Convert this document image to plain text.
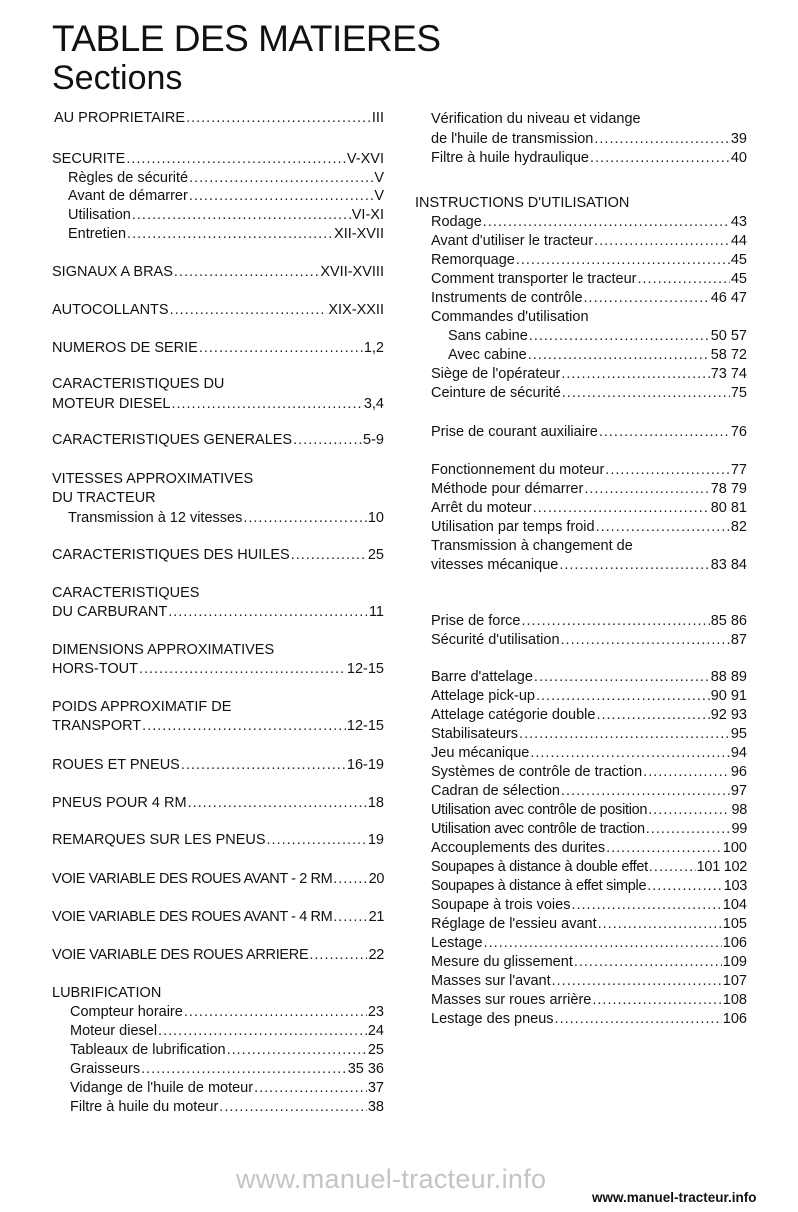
TABLE DES MATIERES
Sections
AU PROPRIETAIRE .....	III
SECURITE .....	V-XVI
Règles de sécurité .....	V
Avant de démarrer .....	V
Utilisation .....	VI-XI
Entretien .....	XII-XVII
SIGNAUX A BRAS .....	XVII-XVIII
AUTOCOLLANTS .....	XIX-XXII
NUMEROS DE SERIE .....	1,2
CARACTERISTIQUES DU
MOTEUR DIESEL .....	3,4
CARACTERISTIQUES GENERALES .....	5-9
VITESSES APPROXIMATIVES
DU TRACTEUR
Transmission à 12 vitesses .....	10
CARACTERISTIQUES DES HUILES .....	25
CARACTERISTIQUES
DU CARBURANT .....	11
DIMENSIONS APPROXIMATIVES
HORS-TOUT .....	12-15
POIDS APPROXIMATIF DE
TRANSPORT .....	12-15
ROUES ET PNEUS .....	16-19
PNEUS POUR 4 RM .....	18
REMARQUES SUR LES PNEUS .....	19
VOIE VARIABLE DES ROUES AVANT - 2 RM .....	20
VOIE VARIABLE DES ROUES AVANT - 4 RM .....	21
VOIE VARIABLE DES ROUES ARRIERE .....	22
LUBRIFICATION
Compteur horaire .....	23
Moteur diesel .....	24
Tableaux de lubrification .....	25
Graisseurs .....	35 36
Vidange de l'huile de moteur .....	37
Filtre à huile du moteur .....	38
Vérification du niveau et vidange
de l'huile de transmission .....	39
Filtre à huile hydraulique .....	40
INSTRUCTIONS D'UTILISATION
Rodage .....	43
Avant d'utiliser le tracteur .....	44
Remorquage .....	45
Comment transporter le tracteur .....	45
Instruments de contrôle .....	46 47
Commandes d'utilisation
Sans cabine .....	50 57
Avec cabine .....	58 72
Siège de l'opérateur .....	73 74
Ceinture de sécurité .....	75
Prise de courant auxiliaire .....	76
Fonctionnement du moteur .....	77
Méthode pour démarrer .....	78 79
Arrêt du moteur .....	80 81
Utilisation par temps froid .....	82
Transmission à changement de
vitesses mécanique .....	83 84
Prise de force .....	85 86
Sécurité d'utilisation .....	87
Barre d'attelage .....	88 89
Attelage pick-up .....	90 91
Attelage catégorie double .....	92 93
Stabilisateurs .....	95
Jeu mécanique .....	94
Systèmes de contrôle de traction .....	96
Cadran de sélection .....	97
Utilisation avec contrôle de position .....	98
Utilisation avec contrôle de traction .....	99
Accouplements des durites .....	100
Soupapes à distance à double effet .....	101 102
Soupapes à distance à effet simple .....	103
Soupape à trois voies .....	104
Réglage de l'essieu avant .....	105
Lestage .....	106
Mesure du glissement .....	109
Masses sur l'avant .....	107
Masses sur roues arrière .....	108
Lestage des pneus .....	106
www.manuel-tracteur.info
www.manuel-tracteur.info
